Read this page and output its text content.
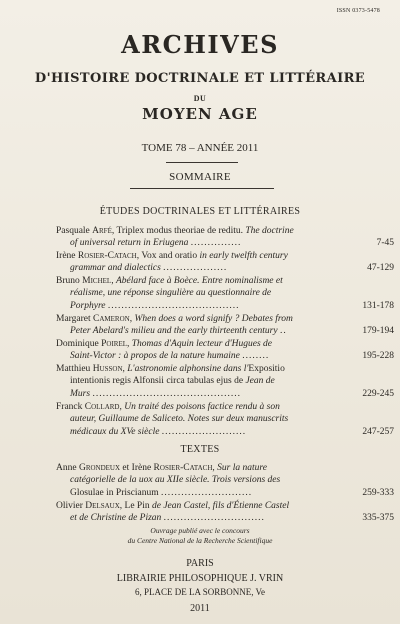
ISSN 0373-5478
ARCHIVES
D'HISTOIRE DOCTRINALE ET LITTÉRAIRE
DU
MOYEN AGE
TOME 78 – ANNÉE 2011
SOMMAIRE
ÉTUDES DOCTRINALES ET LITTÉRAIRES
Pasquale Arfé, Triplex modus theoriae de reditu. The doctrine
of universal return in Eriugena ...............	7-45
Irène Rosier-Catach, Vox and oratio in early twelfth century
grammar and dialectics ...................	47-129
Bruno Michel, Abélard face à Boèce. Entre nominalisme et
réalisme, une réponse singulière au questionnaire de
Porphyre .......................................	131-178
Margaret Cameron, When does a word signify ? Debates from
Peter Abelard's milieu and the early thirteenth century ..	179-194
Dominique Poirel, Thomas d'Aquin lecteur d'Hugues de
Saint-Victor : à propos de la nature humaine ........	195-228
Matthieu Husson, L'astronomie alphonsine dans l'Expositio
intentionis regis Alfonsii circa tabulas ejus de Jean de
Murs ............................................	229-245
Franck Collard, Un traité des poisons factice rendu à son
auteur, Guillaume de Saliceto. Notes sur deux manuscrits
médicaux du XVe siècle .........................	247-257
TEXTES
Anne Grondeux et Irène Rosier-Catach, Sur la nature
catégorielle de la uox au XIIe siècle. Trois versions des
Glosulae in Priscianum ...........................	259-333
Olivier Delsaux, Le Pin de Jean Castel, fils d'Étienne Castel
et de Christine de Pizan ..............................	335-375
Ouvrage publié avec le concours
du Centre National de la Recherche Scientifique
PARIS
LIBRAIRIE PHILOSOPHIQUE J. VRIN
6, PLACE DE LA SORBONNE, Ve
2011
